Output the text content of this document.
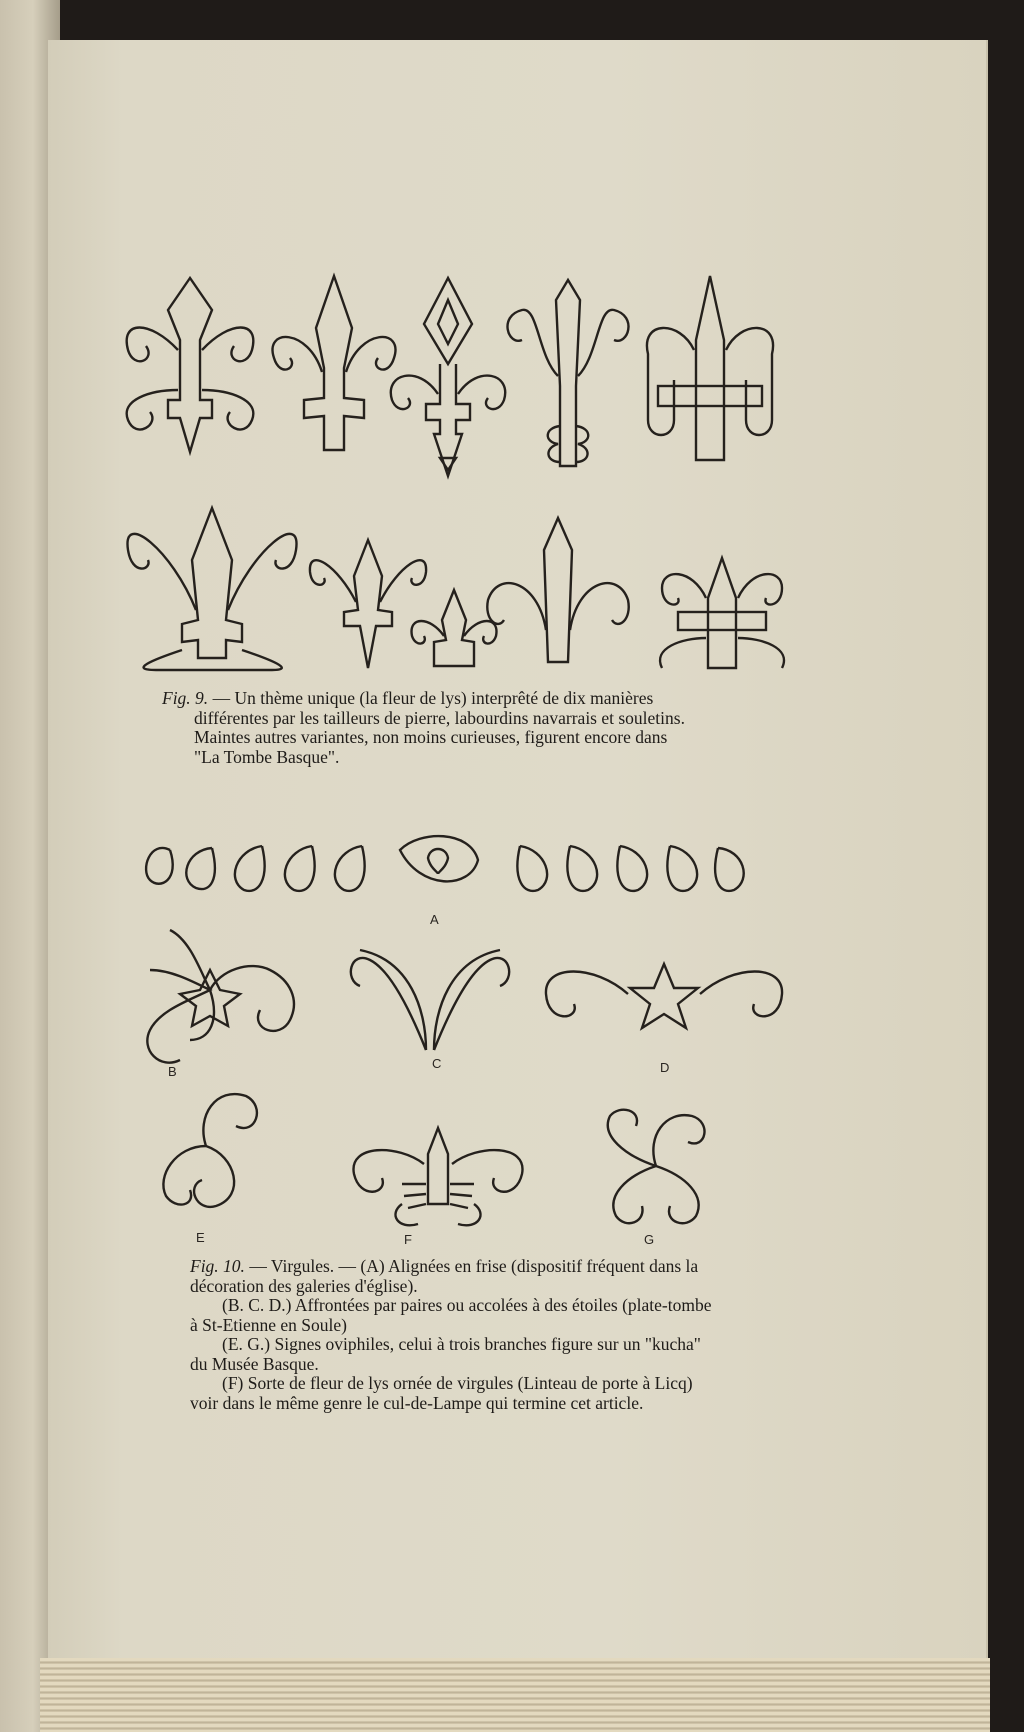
A
B
C	D
E	F	G
Fig. 9. — Un thème unique (la fleur de lys) interprêté de dix manières
différentes par les tailleurs de pierre, labourdins navarrais et souletins.
Maintes autres variantes, non moins curieuses, figurent encore dans
"La Tombe Basque".
Fig. 10. — Virgules. — (A) Alignées en frise (dispositif fréquent dans la
décoration des galeries d'église).
(B. C. D.) Affrontées par paires ou accolées à des étoiles (plate-tombe
à St-Etienne en Soule)
(E. G.) Signes oviphiles, celui à trois branches figure sur un "kucha"
du Musée Basque.
(F) Sorte de fleur de lys ornée de virgules (Linteau de porte à Licq)
voir dans le même genre le cul-de-Lampe qui termine cet article.
